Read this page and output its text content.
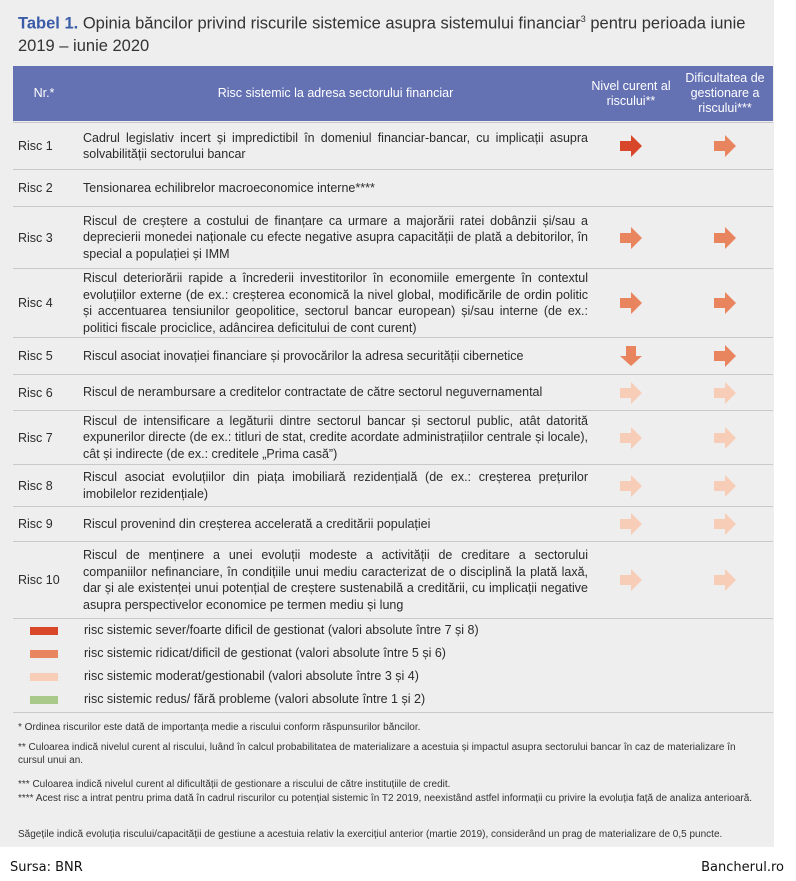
Tabel 1. Opinia băncilor privind riscurile sistemice asupra sistemului financiar$^3$ pentru perioada iunie 2019 – iunie 2020
Nr.*	Risc sistemic la adresa sectorului financiar
Nivel curent al riscului**
Dificultatea de gestionare a riscului***
Risc 1
Cadrul legislativ incert și impredictibil în domeniul financiar-bancar, cu implicații asupra solvabilității sectorului bancar
Risc 2 Tensionarea echilibrelor macroeconomice interne****
Risc 3
Riscul de creștere a costului de finanțare ca urmare a majorării ratei dobânzii și/sau a deprecierii monedei naționale cu efecte negative asupra capacității de plată a debitorilor, în special a populației și IMM
Risc 4
Riscul deteriorării rapide a încrederii investitorilor în economiile emergente în contextul evoluțiilor externe (de ex.: creșterea economică la nivel global, modificările de ordin politic și accentuarea tensiunilor geopolitice, sectorul bancar european) și/sau interne (de ex.: politici fiscale prociclice, adâncirea deficitului de cont curent)
Risc 5 Riscul asociat inovației financiare și provocărilor la adresa securității cibernetice
Risc 6 Riscul de nerambursare a creditelor contractate de către sectorul neguvernamental
Risc 7
Riscul de intensificare a legăturii dintre sectorul bancar și sectorul public, atât datorită expunerilor directe (de ex.: titluri de stat, credite acordate administrațiilor centrale și locale), cât și indirecte (de ex.: creditele „Prima casă”)
Risc 8
Riscul asociat evoluțiilor din piața imobiliară rezidențială (de ex.: creșterea prețurilor imobilelor rezidențiale)
Risc 9 Riscul provenind din creșterea accelerată a creditării populației
Risc 10
Riscul de menținere a unei evoluții modeste a activității de creditare a sectorului companiilor nefinanciare, în condițiile unui mediu caracterizat de o disciplină la plată laxă, dar și ale existenței unui potențial de creștere sustenabilă a creditării, cu implicații negative asupra perspectivelor economice pe termen mediu și lung
risc sistemic sever/foarte dificil de gestionat (valori absolute între 7 și 8)
risc sistemic ridicat/dificil de gestionat (valori absolute între 5 și 6)
risc sistemic moderat/gestionabil (valori absolute între 3 și 4)
risc sistemic redus/ fără probleme (valori absolute între 1 și 2)
* Ordinea riscurilor este dată de importanța medie a riscului conform răspunsurilor băncilor.
** Culoarea indică nivelul curent al riscului, luând în calcul probabilitatea de materializare a acestuia și impactul asupra sectorului bancar în caz de materializare în cursul unui an.
*** Culoarea indică nivelul curent al dificultății de gestionare a riscului de către instituțiile de credit.
**** Acest risc a intrat pentru prima dată în cadrul riscurilor cu potențial sistemic în T2 2019, neexistând astfel informații cu privire la evoluția față de analiza anterioară.
Săgețile indică evoluția riscului/capacității de gestiune a acestuia relativ la exercițiul anterior (martie 2019), considerând un prag de materializare de 0,5 puncte.
Sursa: BNR	Bancherul.ro
